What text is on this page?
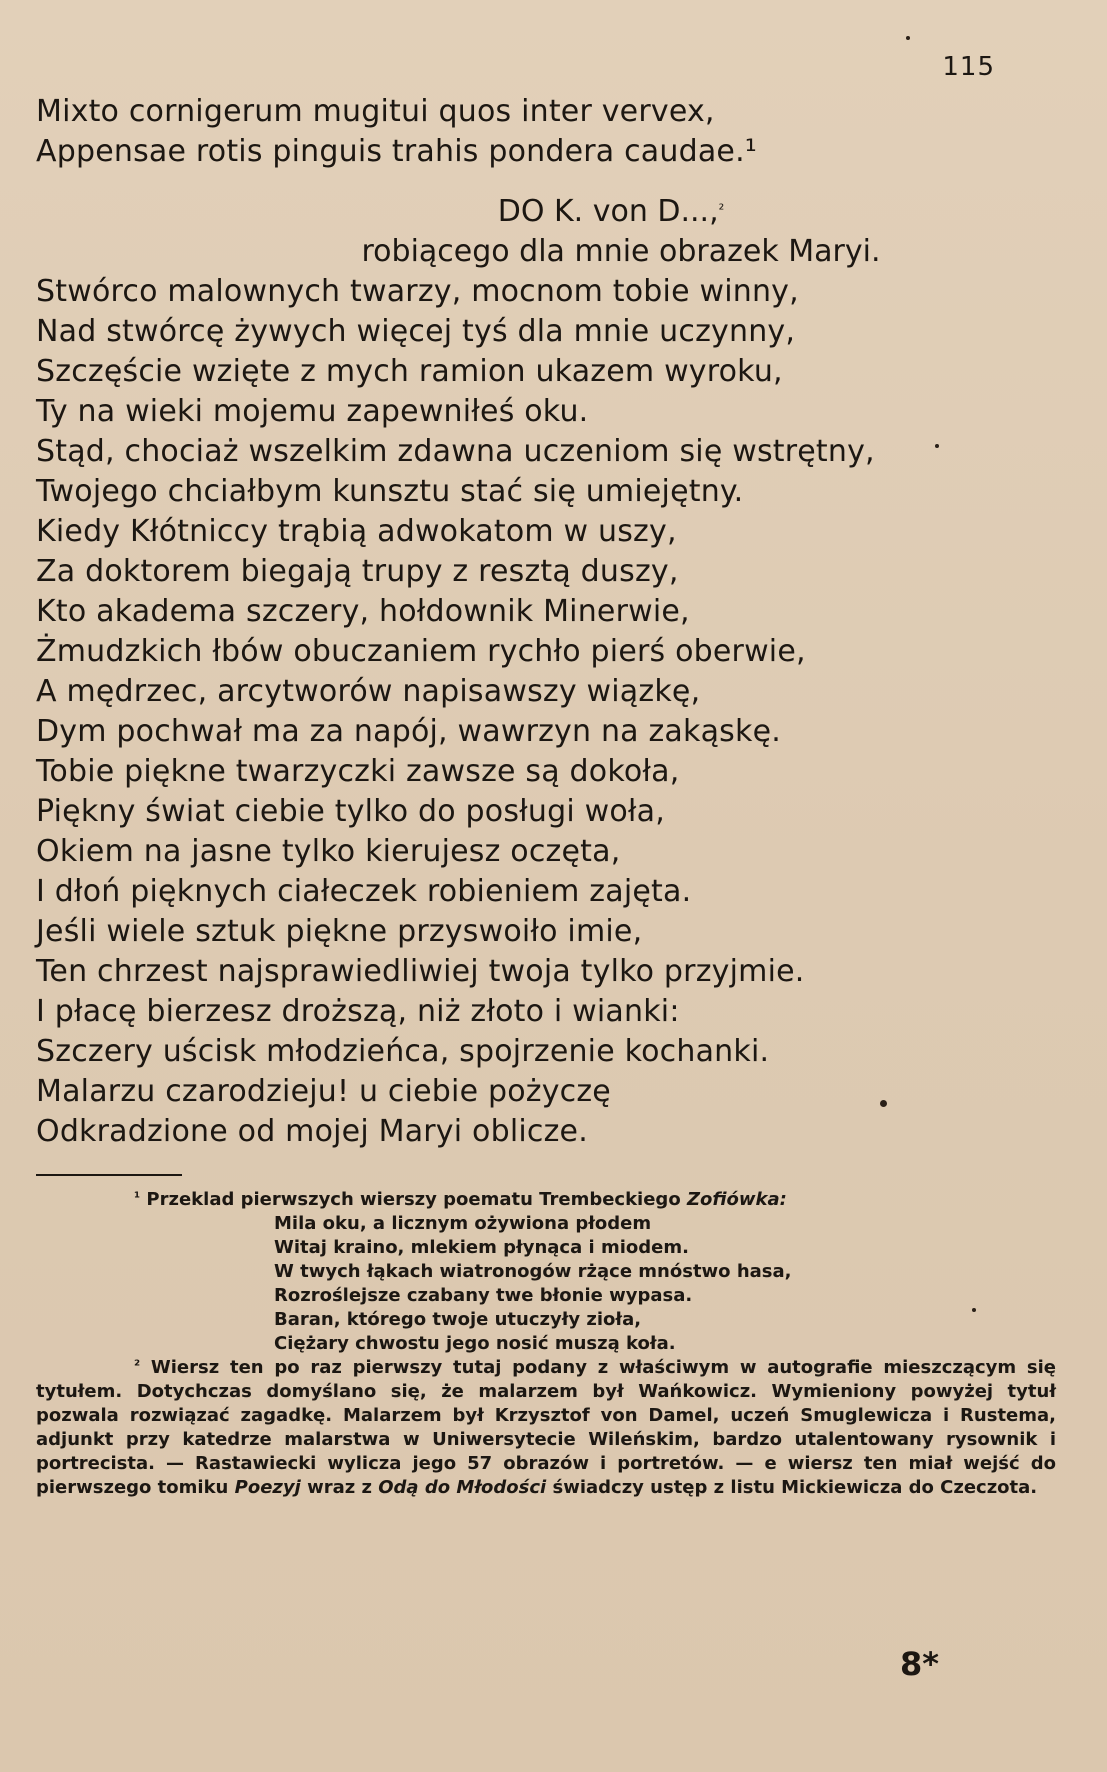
115
Mixto cornigerum mugitui quos inter vervex,
Appensae rotis pinguis trahis pondera caudae.¹
DO K. von D...,$^{^2}$
robiącego dla mnie obrazek Maryi.
Stwórco malownych twarzy, mocnom tobie winny,
Nad stwórcę żywych więcej tyś dla mnie uczynny,
Szczęście wzięte z mych ramion ukazem wyroku,
Ty na wieki mojemu zapewniłeś oku.
Stąd, chociaż wszelkim zdawna uczeniom się wstrętny,
Twojego chciałbym kunsztu stać się umiejętny.
Kiedy Kłótniccy trąbią adwokatom w uszy,
Za doktorem biegają trupy z resztą duszy,
Kto akadema szczery, hołdownik Minerwie,
Żmudzkich łbów obuczaniem rychło pierś oberwie,
A mędrzec, arcytworów napisawszy wiązkę,
Dym pochwał ma za napój, wawrzyn na zakąskę.
Tobie piękne twarzyczki zawsze są dokoła,
Piękny świat ciebie tylko do posługi woła,
Okiem na jasne tylko kierujesz oczęta,
I dłoń pięknych ciałeczek robieniem zajęta.
Jeśli wiele sztuk piękne przyswoiło imie,
Ten chrzest najsprawiedliwiej twoja tylko przyjmie.
I płacę bierzesz droższą, niż złoto i wianki:
Szczery uścisk młodzieńca, spojrzenie kochanki.
Malarzu czarodzieju! u ciebie pożyczę
Odkradzione od mojej Maryi oblicze.
$^{^1}$ Przeklad pierwszych wierszy poematu Trembeckiego Zofiówka:
Mila oku, a licznym ożywiona płodem
Witaj kraino, mlekiem płynąca i miodem.
W twych łąkach wiatronogów rżące mnóstwo hasa,
Rozroślejsze czabany twe błonie wypasa.
Baran, którego twoje utuczyły zioła,
Ciężary chwostu jego nosić muszą koła.
$^{^2}$ Wiersz ten po raz pierwszy tutaj podany z właściwym w autografie mieszczącym się tytułem. Dotychczas domyślano się, że malarzem był Wańkowicz. Wymieniony powyżej tytuł pozwala rozwiązać zagadkę. Malarzem był Krzysztof von Damel, uczeń Smuglewicza i Rustema, adjunkt przy katedrze malarstwa w Uniwersytecie Wileńskim, bardzo utalentowany rysownik i portrecista. — Rastawiecki wylicza jego 57 obrazów i portretów. — e wiersz ten miał wejść do pierwszego tomiku Poezyj wraz z Odą do Młodości świadczy ustęp z listu Mickiewicza do Czeczota.
8*
